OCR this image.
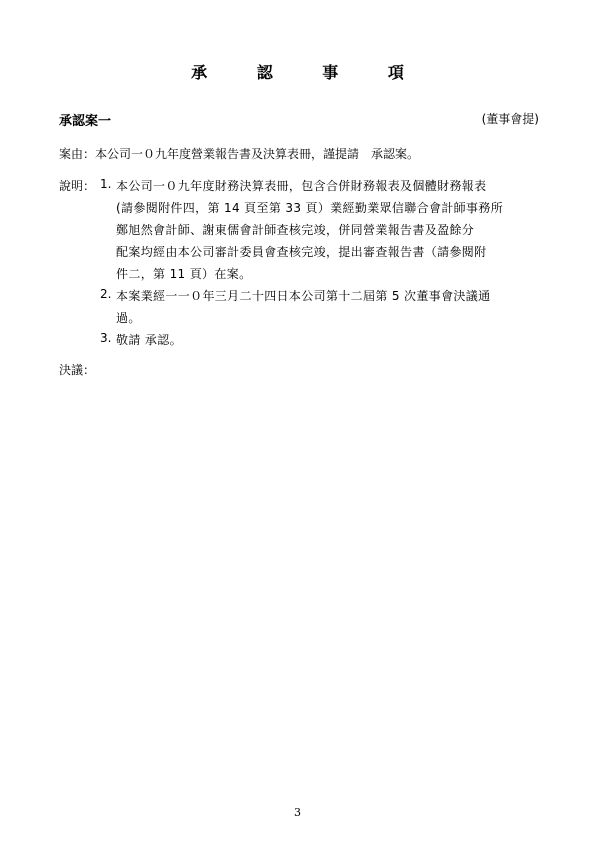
承 認 事 項
承認案一	(董事會提)
案由：本公司一０九年度營業報告書及決算表冊，謹提請　承認案。
說明： 1. 本公司一０九年度財務決算表冊，包含合併財務報表及個體財務報表
(請參閱附件四，第 14 頁至第 33 頁）業經勤業眾信聯合會計師事務所
鄭旭然會計師、謝東儒會計師查核完竣，併同營業報告書及盈餘分
配案均經由本公司審計委員會查核完竣，提出審查報告書（請參閱附
件二，第 11 頁）在案。
2. 本案業經一一０年三月二十四日本公司第十二屆第 5 次董事會決議通
過。
3. 敬請 承認。
決議：
3
